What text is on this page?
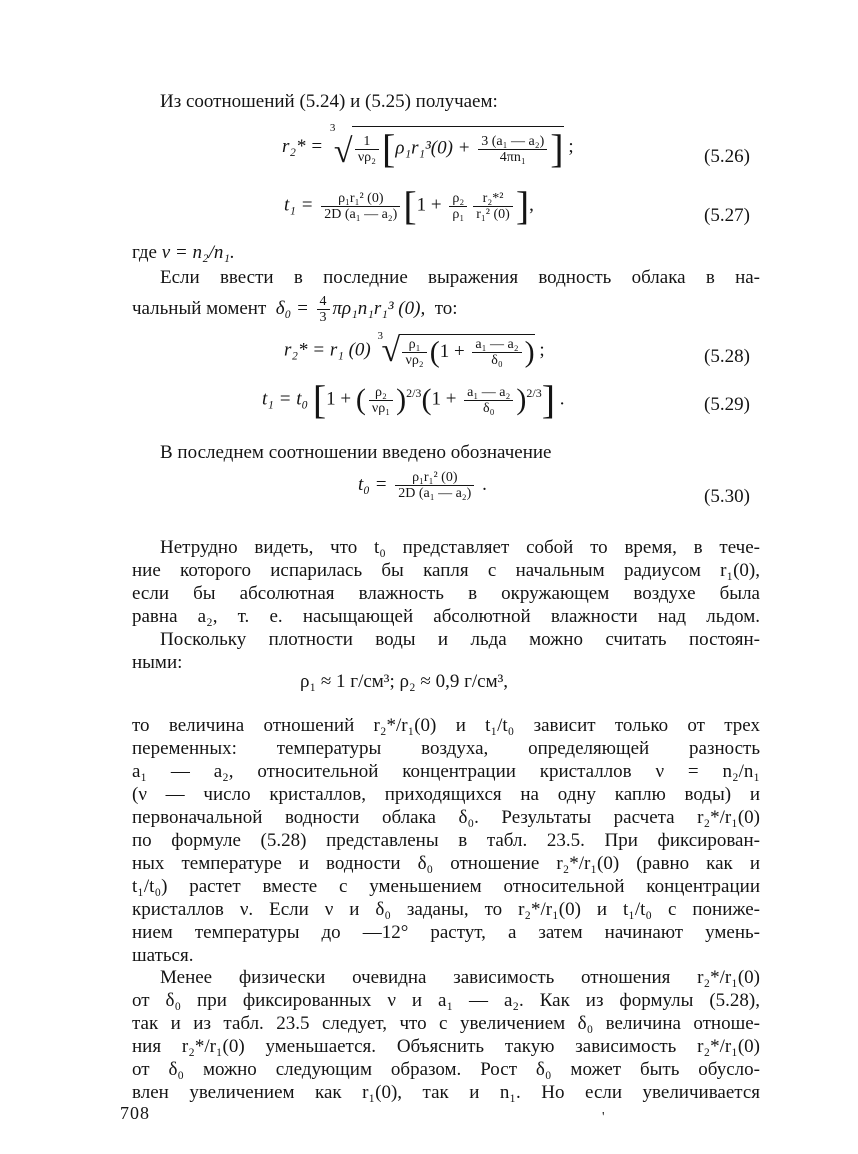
Из соотношений (5.24) и (5.25) получаем:
r₂* =
3
√ $\frac{1}{\text{νρ₂}} [\rho_1r_1^3(0) + \frac{\text{3 (a₁ — a₂)}}{\text{4πn₁}}$ ] ;	(5.26)
$t_1 = \frac{\text{ρ₁r₁² (0)}}{\text{2D (a₁ — a₂)}} [1 + \frac{\text{ρ₂}}{\text{ρ₁}} \frac{\text{r₂*²}}{\text{r₁² (0)}}$ ],
(5.27)
где ν = n₂/n₁.
Если ввести в последние выражения водность облака в на-
чальный момент $\delta_0 = \frac{4}{3} \pi\rho_1n_1r_1^3$ (0), то:
r₂* = r₁ (0)
3
√ $\frac{\text{ρ₁}}{\text{νρ₂}} (1 + \frac{\text{a₁ — a₂}}{\text{δ₀}}$ ) ;	(5.28)
t₁ = t₀ [1 + ( $\frac{\text{ρ₂}}{\text{νρ₁}} )^{2/3}(1 + \frac{\text{a₁ — a₂}}{\text{δ₀}} )^{2/3}$] .	(5.29)
В последнем соотношении введено обозначение
$t_0 = \frac{\text{ρ₁r₁² (0)}}{\text{2D (a₁ — a₂)}}$ .
(5.30)
Нетрудно видеть, что t₀ представляет собой то время, в тече-
ние которого испарилась бы капля с начальным радиусом r₁(0),
если бы абсолютная влажность в окружающем воздухе была
равна a₂, т. е. насыщающей абсолютной влажности над льдом.
Поскольку плотности воды и льда можно считать постоян-
ными:
ρ₁ ≈ 1 г/см³; ρ₂ ≈ 0,9 г/см³,
то величина отношений r₂*/r₁(0) и t₁/t₀ зависит только от трех
переменных: температуры воздуха, определяющей разность
a₁ — a₂, относительной концентрации кристаллов ν = n₂/n₁
(ν — число кристаллов, приходящихся на одну каплю воды) и
первоначальной водности облака δ₀. Результаты расчета r₂*/r₁(0)
по формуле (5.28) представлены в табл. 23.5. При фиксирован-
ных температуре и водности δ₀ отношение r₂*/r₁(0) (равно как и
t₁/t₀) растет вместе с уменьшением относительной концентрации
кристаллов ν. Если ν и δ₀ заданы, то r₂*/r₁(0) и t₁/t₀ с пониже-
нием температуры до —12° растут, а затем начинают умень-
шаться.
Менее физически очевидна зависимость отношения r₂*/r₁(0)
от δ₀ при фиксированных ν и a₁ — a₂. Как из формулы (5.28),
так и из табл. 23.5 следует, что с увеличением δ₀ величина отноше-
ния r₂*/r₁(0) уменьшается. Объяснить такую зависимость r₂*/r₁(0)
от δ₀ можно следующим образом. Рост δ₀ может быть обусло-
влен увеличением как r₁(0), так и n₁. Но если увеличивается
708	'
